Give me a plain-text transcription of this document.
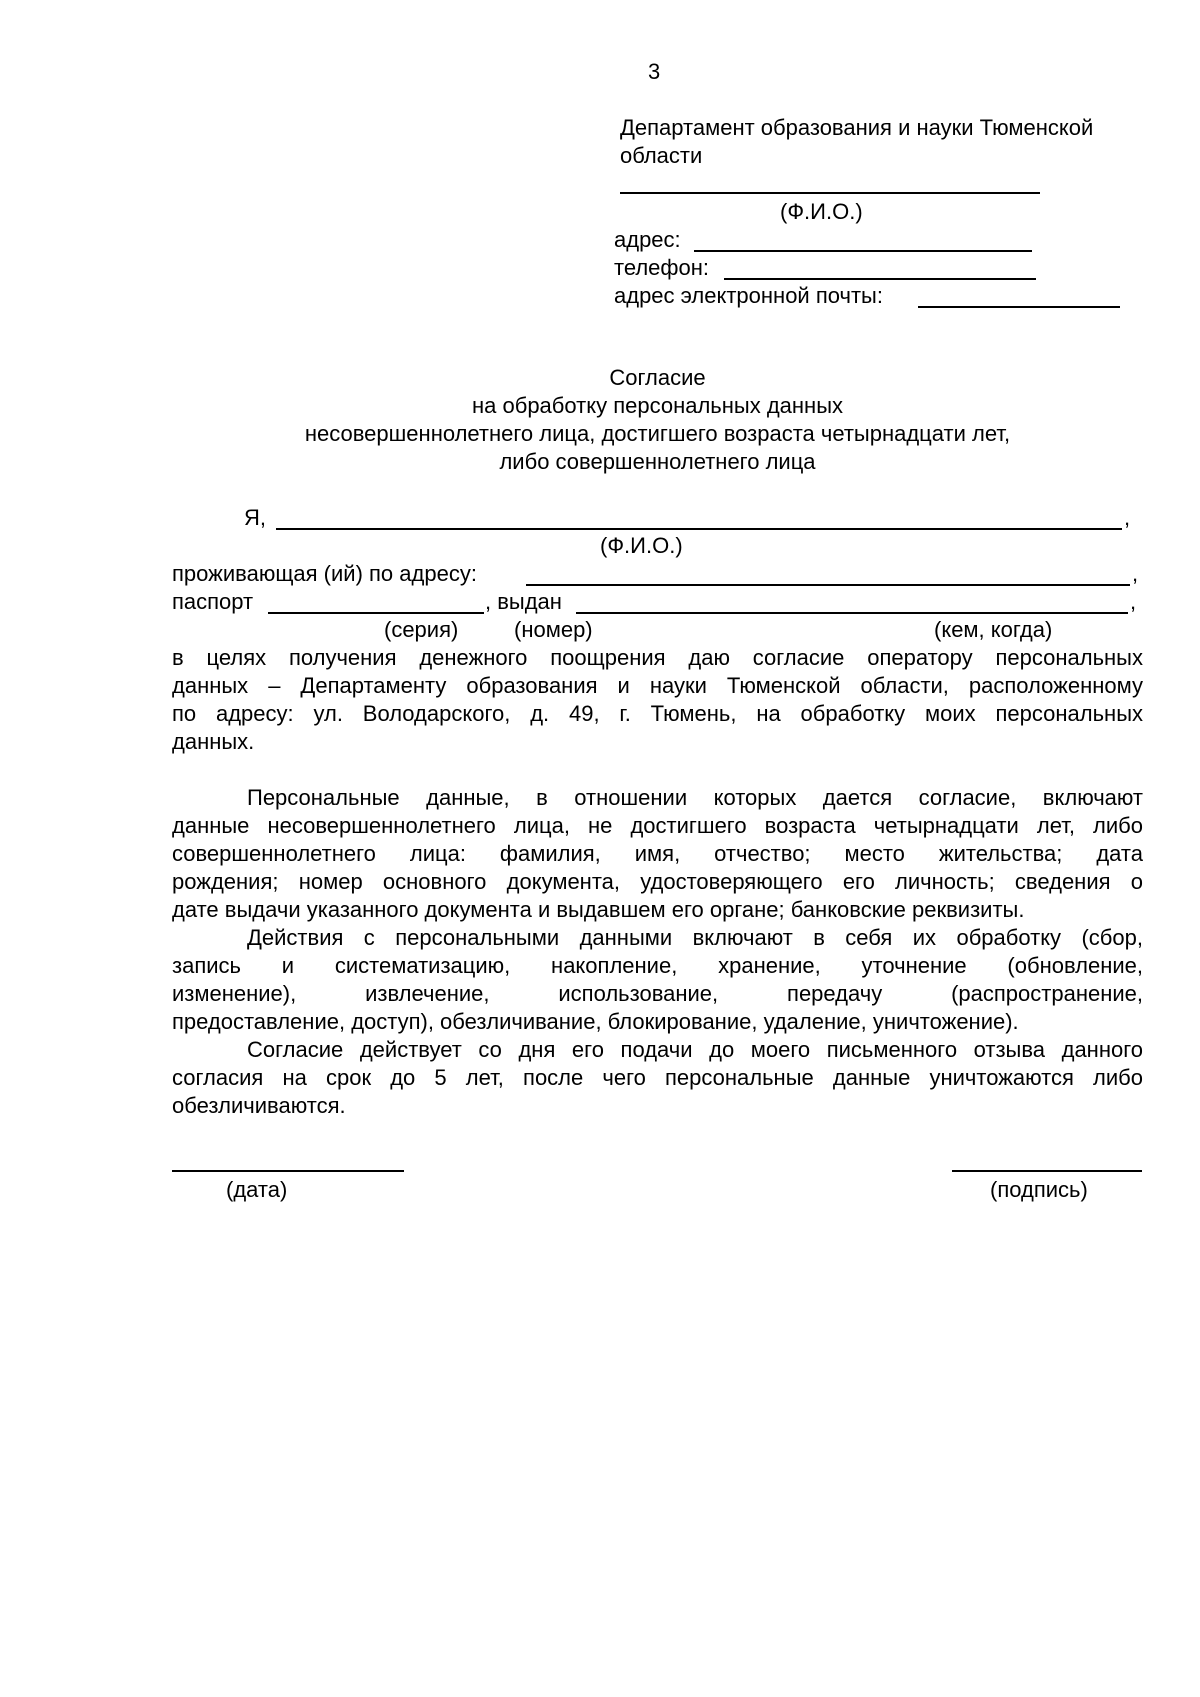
3
Департамент образования и науки Тюменской
области
(Ф.И.О.)
адрес:
телефон:
адрес электронной почты:
Согласие
на обработку персональных данных
несовершеннолетнего лица, достигшего возраста четырнадцати лет,
либо совершеннолетнего лица
Я,	,
(Ф.И.О.)
проживающая (ий) по адресу:	,
паспорт	, выдан	,
(серия)	(номер)	(кем, когда)
в целях получения денежного поощрения даю согласие оператору персональных
данных – Департаменту образования и науки Тюменской области, расположенному
по адресу: ул. Володарского, д. 49, г. Тюмень, на обработку моих персональных
данных.
Персональные данные, в отношении которых дается согласие, включают
данные несовершеннолетнего лица, не достигшего возраста четырнадцати лет, либо
совершеннолетнего лица: фамилия, имя, отчество; место жительства; дата
рождения; номер основного документа, удостоверяющего его личность; сведения о
дате выдачи указанного документа и выдавшем его органе; банковские реквизиты.
Действия с персональными данными включают в себя их обработку (сбор,
запись и систематизацию, накопление, хранение, уточнение (обновление,
изменение), извлечение, использование, передачу (распространение,
предоставление, доступ), обезличивание, блокирование, удаление, уничтожение).
Согласие действует со дня его подачи до моего письменного отзыва данного
согласия на срок до 5 лет, после чего персональные данные уничтожаются либо
обезличиваются.
(дата)	(подпись)
